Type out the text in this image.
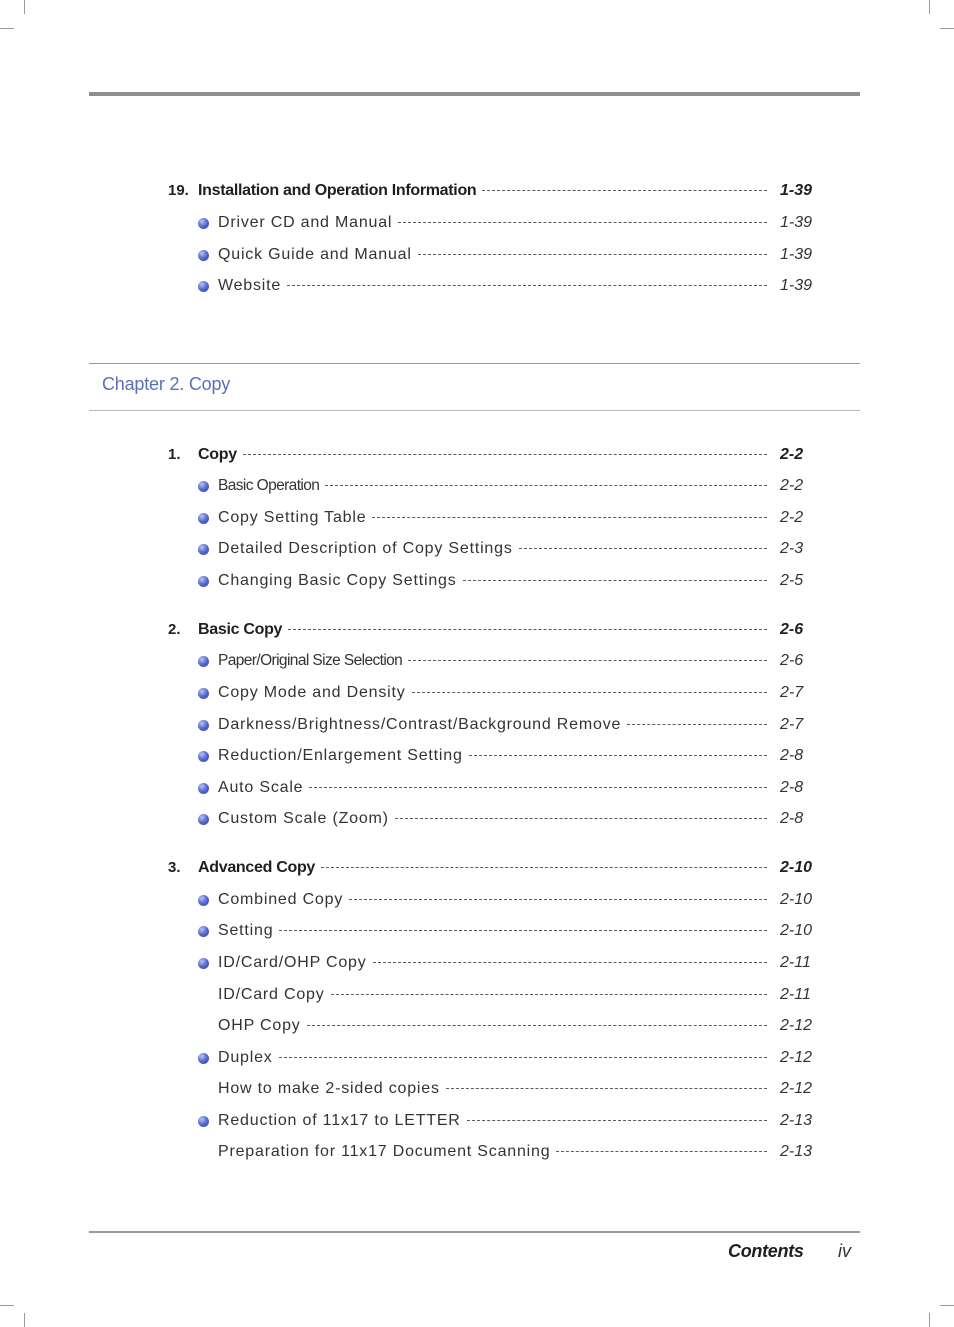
19. Installation and Operation Information	1-39
Driver CD and Manual	1-39
Quick Guide and Manual	1-39
Website	1-39
Chapter 2. Copy
1. Copy	2-2
Basic Operation	2-2
Copy Setting Table	2-2
Detailed Description of Copy Settings	2-3
Changing Basic Copy Settings	2-5
2. Basic Copy	2-6
Paper/Original Size Selection	2-6
Copy Mode and Density	2-7
Darkness/Brightness/Contrast/Background Remove	2-7
Reduction/Enlargement Setting	2-8
Auto Scale	2-8
Custom Scale (Zoom)	2-8
3. Advanced Copy	2-10
Combined Copy	2-10
Setting	2-10
ID/Card/OHP Copy	2-11
ID/Card Copy	2-11
OHP Copy	2-12
Duplex	2-12
How to make 2-sided copies	2-12
Reduction of 11x17 to LETTER	2-13
Preparation for 11x17 Document Scanning	2-13
Contents iv
